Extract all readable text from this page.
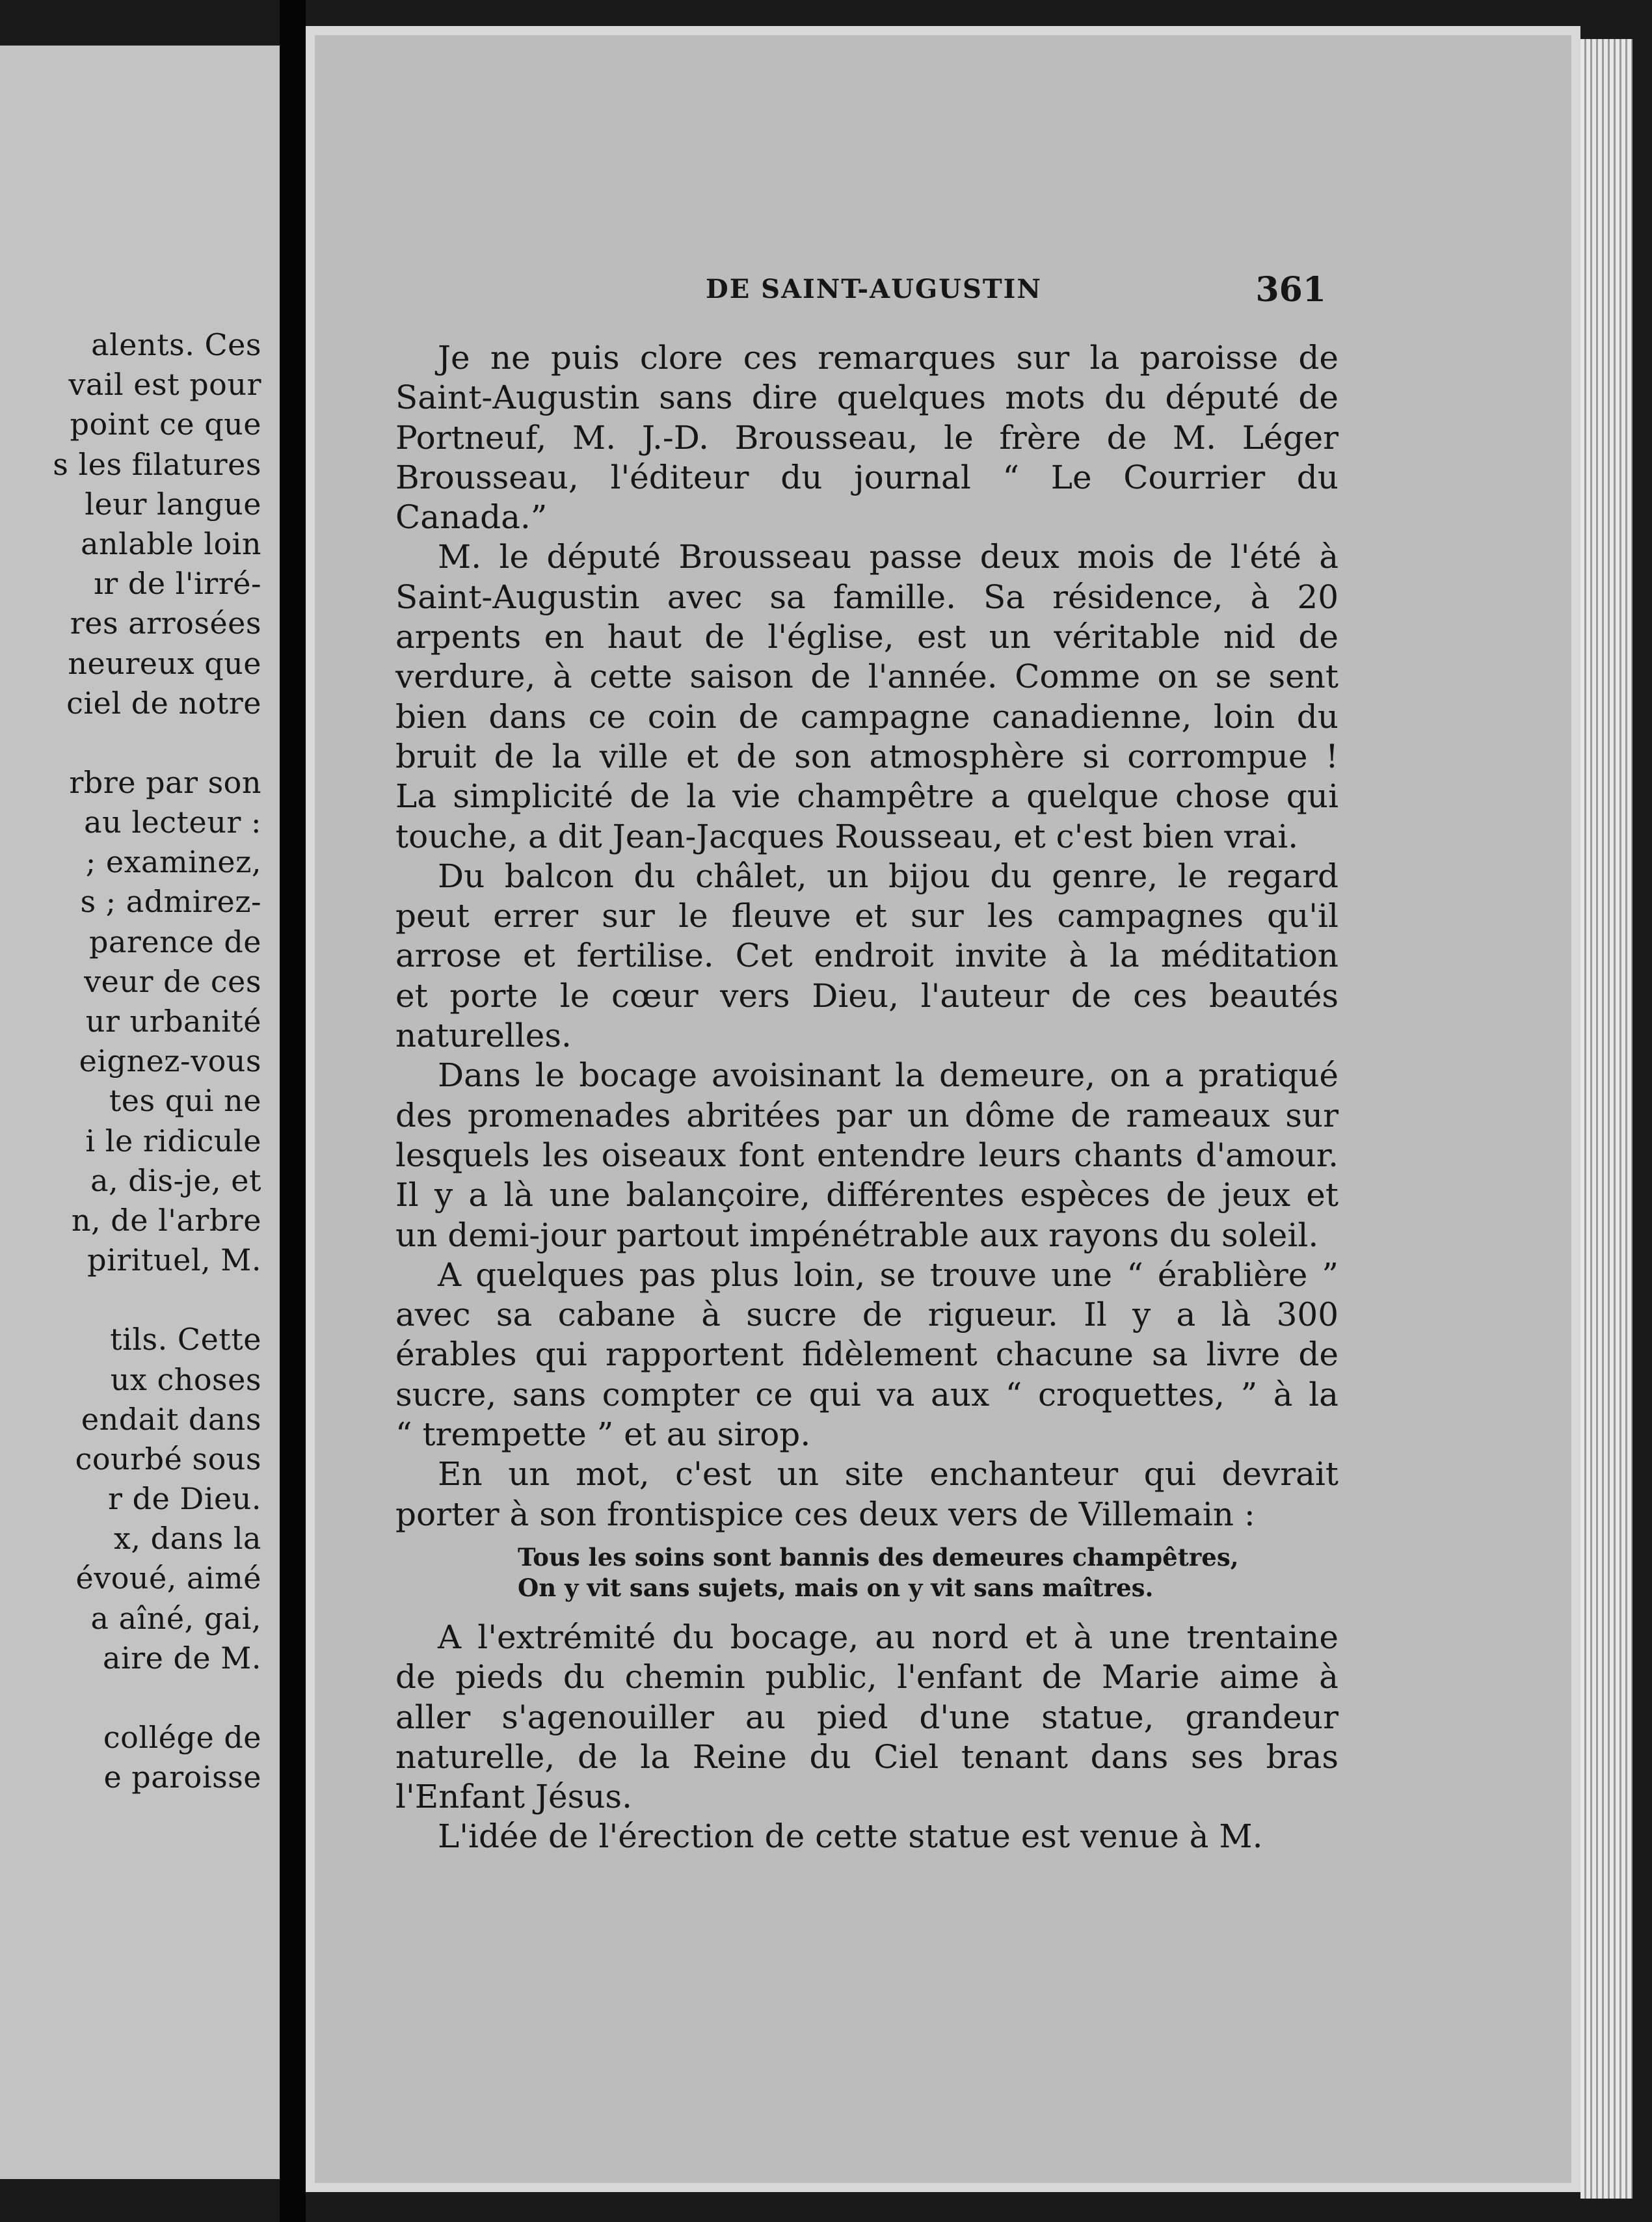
alents. Ces
vail est pour
point ce que
s les filatures
leur langue
anlable loin
ır de l'irré-
res arrosées
neureux que
ciel de notre
rbre par son
au lecteur :
; examinez,
s ; admirez-
parence de
veur de ces
ur urbanité
eignez-vous
tes qui ne
i le ridicule
a, dis-je, et
n, de l'arbre
pirituel, M.
tils. Cette
ux choses
endait dans
courbé sous
r de Dieu.
x, dans la
évoué, aimé
a aîné, gai,
aire de M.
collége de
e paroisse
DE SAINT-AUGUSTIN	361
Je ne puis clore ces remarques sur la paroisse de
Saint-Augustin sans dire quelques mots du député de
Portneuf, M. J.-D. Brousseau, le frère de M. Léger
Brousseau, l'éditeur du journal “ Le Courrier du
Canada.”
M. le député Brousseau passe deux mois de l'été à
Saint-Augustin avec sa famille. Sa résidence, à 20
arpents en haut de l'église, est un véritable nid de
verdure, à cette saison de l'année. Comme on se sent
bien dans ce coin de campagne canadienne, loin du
bruit de la ville et de son atmosphère si corrompue !
La simplicité de la vie champêtre a quelque chose qui
touche, a dit Jean-Jacques Rousseau, et c'est bien vrai.
Du balcon du châlet, un bijou du genre, le regard
peut errer sur le fleuve et sur les campagnes qu'il
arrose et fertilise. Cet endroit invite à la méditation
et porte le cœur vers Dieu, l'auteur de ces beautés
naturelles.
Dans le bocage avoisinant la demeure, on a pratiqué
des promenades abritées par un dôme de rameaux sur
lesquels les oiseaux font entendre leurs chants d'amour.
Il y a là une balançoire, différentes espèces de jeux et
un demi-jour partout impénétrable aux rayons du soleil.
A quelques pas plus loin, se trouve une “ érablière ”
avec sa cabane à sucre de rigueur. Il y a là 300
érables qui rapportent fidèlement chacune sa livre de
sucre, sans compter ce qui va aux “ croquettes, ” à la
“ trempette ” et au sirop.
En un mot, c'est un site enchanteur qui devrait
porter à son frontispice ces deux vers de Villemain :
Tous les soins sont bannis des demeures champêtres,
On y vit sans sujets, mais on y vit sans maîtres.
A l'extrémité du bocage, au nord et à une trentaine
de pieds du chemin public, l'enfant de Marie aime à
aller s'agenouiller au pied d'une statue, grandeur
naturelle, de la Reine du Ciel tenant dans ses bras
l'Enfant Jésus.
L'idée de l'érection de cette statue est venue à M.
